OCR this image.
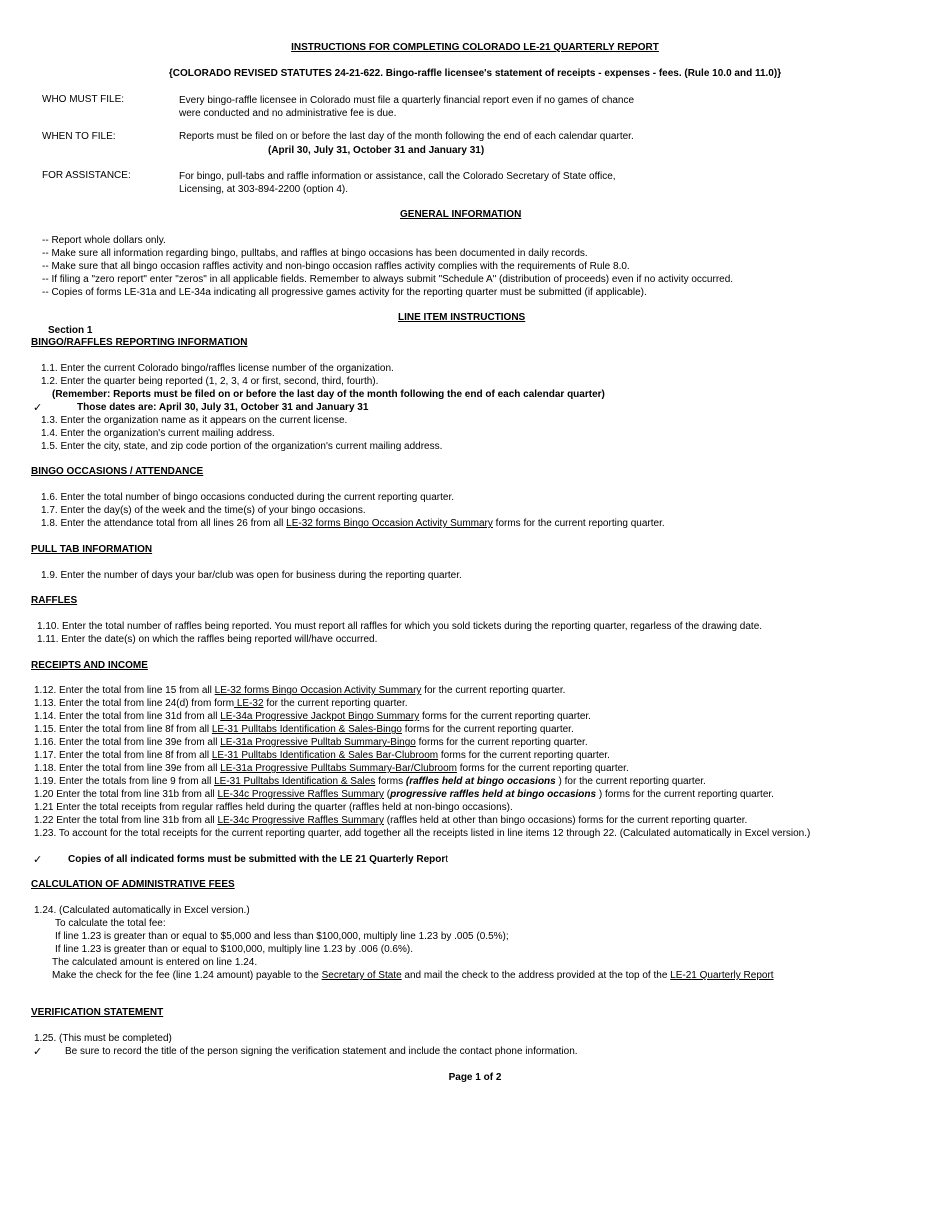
INSTRUCTIONS FOR COMPLETING COLORADO LE-21 QUARTERLY REPORT
{COLORADO REVISED STATUTES 24-21-622. Bingo-raffle licensee's statement of receipts - expenses - fees. (Rule 10.0 and 11.0)}
WHO MUST FILE:	Every bingo-raffle licensee in Colorado must file a quarterly financial report even if no games of chance
were conducted and no administrative fee is due.
WHEN TO FILE:	Reports must be filed on or before the last day of the month following the end of each calendar quarter.
(April 30, July 31, October 31 and January 31)
FOR ASSISTANCE:	For bingo, pull-tabs and raffle information or assistance, call the Colorado Secretary of State office,
Licensing, at 303-894-2200 (option 4).
GENERAL INFORMATION
-- Report whole dollars only.
-- Make sure all information regarding bingo, pulltabs, and raffles at bingo occasions has been documented in daily records.
-- Make sure that all bingo occasion raffles activity and non-bingo occasion raffles activity complies with the requirements of Rule 8.0.
-- If filing a "zero report" enter "zeros" in all applicable fields. Remember to always submit "Schedule A" (distribution of proceeds) even if no activity occurred.
-- Copies of forms LE-31a and LE-34a indicating all progressive games activity for the reporting quarter must be submitted (if applicable).
LINE ITEM INSTRUCTIONS
Section 1
BINGO/RAFFLES REPORTING INFORMATION
1.1. Enter the current Colorado bingo/raffles license number of the organization.
1.2. Enter the quarter being reported (1, 2, 3, 4 or first, second, third, fourth).
(Remember: Reports must be filed on or before the last day of the month following the end of each calendar quarter)
✓	Those dates are: April 30, July 31, October 31 and January 31
1.3. Enter the organization name as it appears on the current license.
1.4. Enter the organization's current mailing address.
1.5. Enter the city, state, and zip code portion of the organization's current mailing address.
BINGO OCCASIONS / ATTENDANCE
1.6. Enter the total number of bingo occasions conducted during the current reporting quarter.
1.7. Enter the day(s) of the week and the time(s) of your bingo occasions.
1.8. Enter the attendance total from all lines 26 from all LE-32 forms Bingo Occasion Activity Summary forms for the current reporting quarter.
PULL TAB INFORMATION
1.9. Enter the number of days your bar/club was open for business during the reporting quarter.
RAFFLES
1.10. Enter the total number of raffles being reported. You must report all raffles for which you sold tickets during the reporting quarter, regarless of the drawing date.
1.11. Enter the date(s) on which the raffles being reported will/have occurred.
RECEIPTS AND INCOME
1.12. Enter the total from line 15 from all LE-32 forms Bingo Occasion Activity Summary for the current reporting quarter.
1.13. Enter the total from line 24(d) from form LE-32 for the current reporting quarter.
1.14. Enter the total from line 31d from all LE-34a Progressive Jackpot Bingo Summary forms for the current reporting quarter.
1.15. Enter the total from line 8f from all LE-31 Pulltabs Identification & Sales-Bingo forms for the current reporting quarter.
1.16. Enter the total from line 39e from all LE-31a Progressive Pulltab Summary-Bingo forms for the current reporting quarter.
1.17. Enter the total from line 8f from all LE-31 Pulltabs Identification & Sales Bar-Clubroom forms for the current reporting quarter.
1.18. Enter the total from line 39e from all LE-31a Progressive Pulltabs Summary-Bar/Clubroom forms for the current reporting quarter.
1.19. Enter the totals from line 9 from all LE-31 Pulltabs Identification & Sales forms (raffles held at bingo occasions ) for the current reporting quarter.
1.20 Enter the total from line 31b from all LE-34c Progressive Raffles Summary (progressive raffles held at bingo occasions ) forms for the current reporting quarter.
1.21 Enter the total receipts from regular raffles held during the quarter (raffles held at non-bingo occasions).
1.22 Enter the total from line 31b from all LE-34c Progressive Raffles Summary (raffles held at other than bingo occasions) forms for the current reporting quarter.
1.23. To account for the total receipts for the current reporting quarter, add together all the receipts listed in line items 12 through 22. (Calculated automatically in Excel version.)
✓	Copies of all indicated forms must be submitted with the LE 21 Quarterly Report
CALCULATION OF ADMINISTRATIVE FEES
1.24. (Calculated automatically in Excel version.)
To calculate the total fee:
If line 1.23 is greater than or equal to $5,000 and less than $100,000, multiply line 1.23 by .005 (0.5%);
If line 1.23 is greater than or equal to $100,000, multiply line 1.23 by .006 (0.6%).
The calculated amount is entered on line 1.24.
Make the check for the fee (line 1.24 amount) payable to the Secretary of State and mail the check to the address provided at the top of the LE-21 Quarterly Report
VERIFICATION STATEMENT
1.25. (This must be completed)
✓ Be sure to record the title of the person signing the verification statement and include the contact phone information.
Page 1 of 2
